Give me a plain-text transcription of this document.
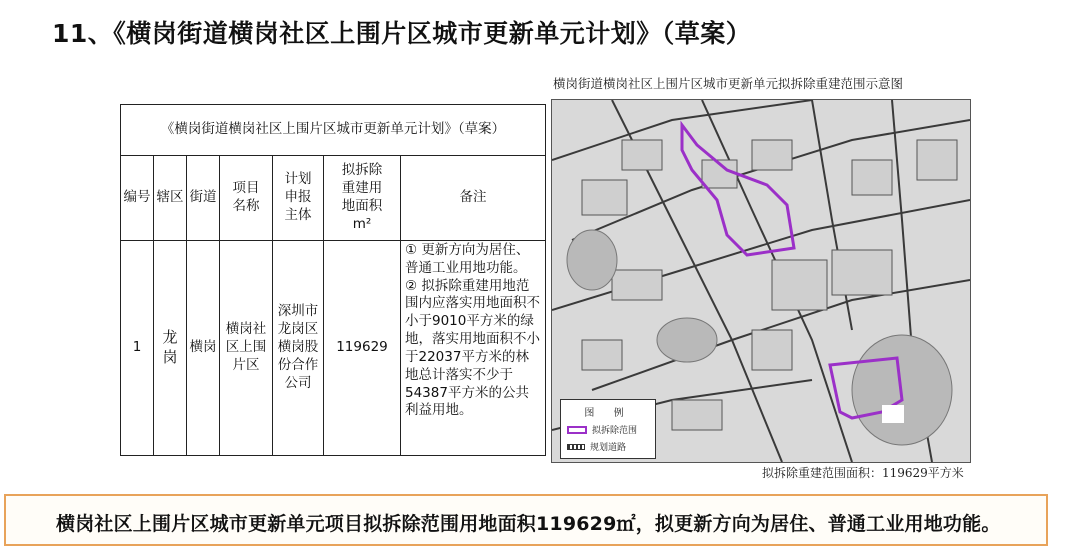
11、《横岗街道横岗社区上围片区城市更新单元计划》（草案）
《横岗街道横岗社区上围片区城市更新单元计划》（草案）						
编号	辖区	街道	项目名称	计划申报主体	拟拆除重建用地面积 m²	备注
1	龙岗	横岗	横岗社区上围片区	深圳市龙岗区横岗股份合作公司	119629	① 更新方向为居住、普通工业用地功能。
② 拟拆除重建用地范围内应落实用地面积不小于9010平方米的绿地，落实用地面积不小于22037平方米的林地总计落实不少于54387平方米的公共利益用地。
横岗街道横岗社区上围片区城市更新单元拟拆除重建范围示意图
图 例
拟拆除范围
规划道路
拟拆除重建范围面积：119629平方米
横岗社区上围片区城市更新单元项目拟拆除范围用地面积119629㎡，拟更新方向为居住、普通工业用地功能。
